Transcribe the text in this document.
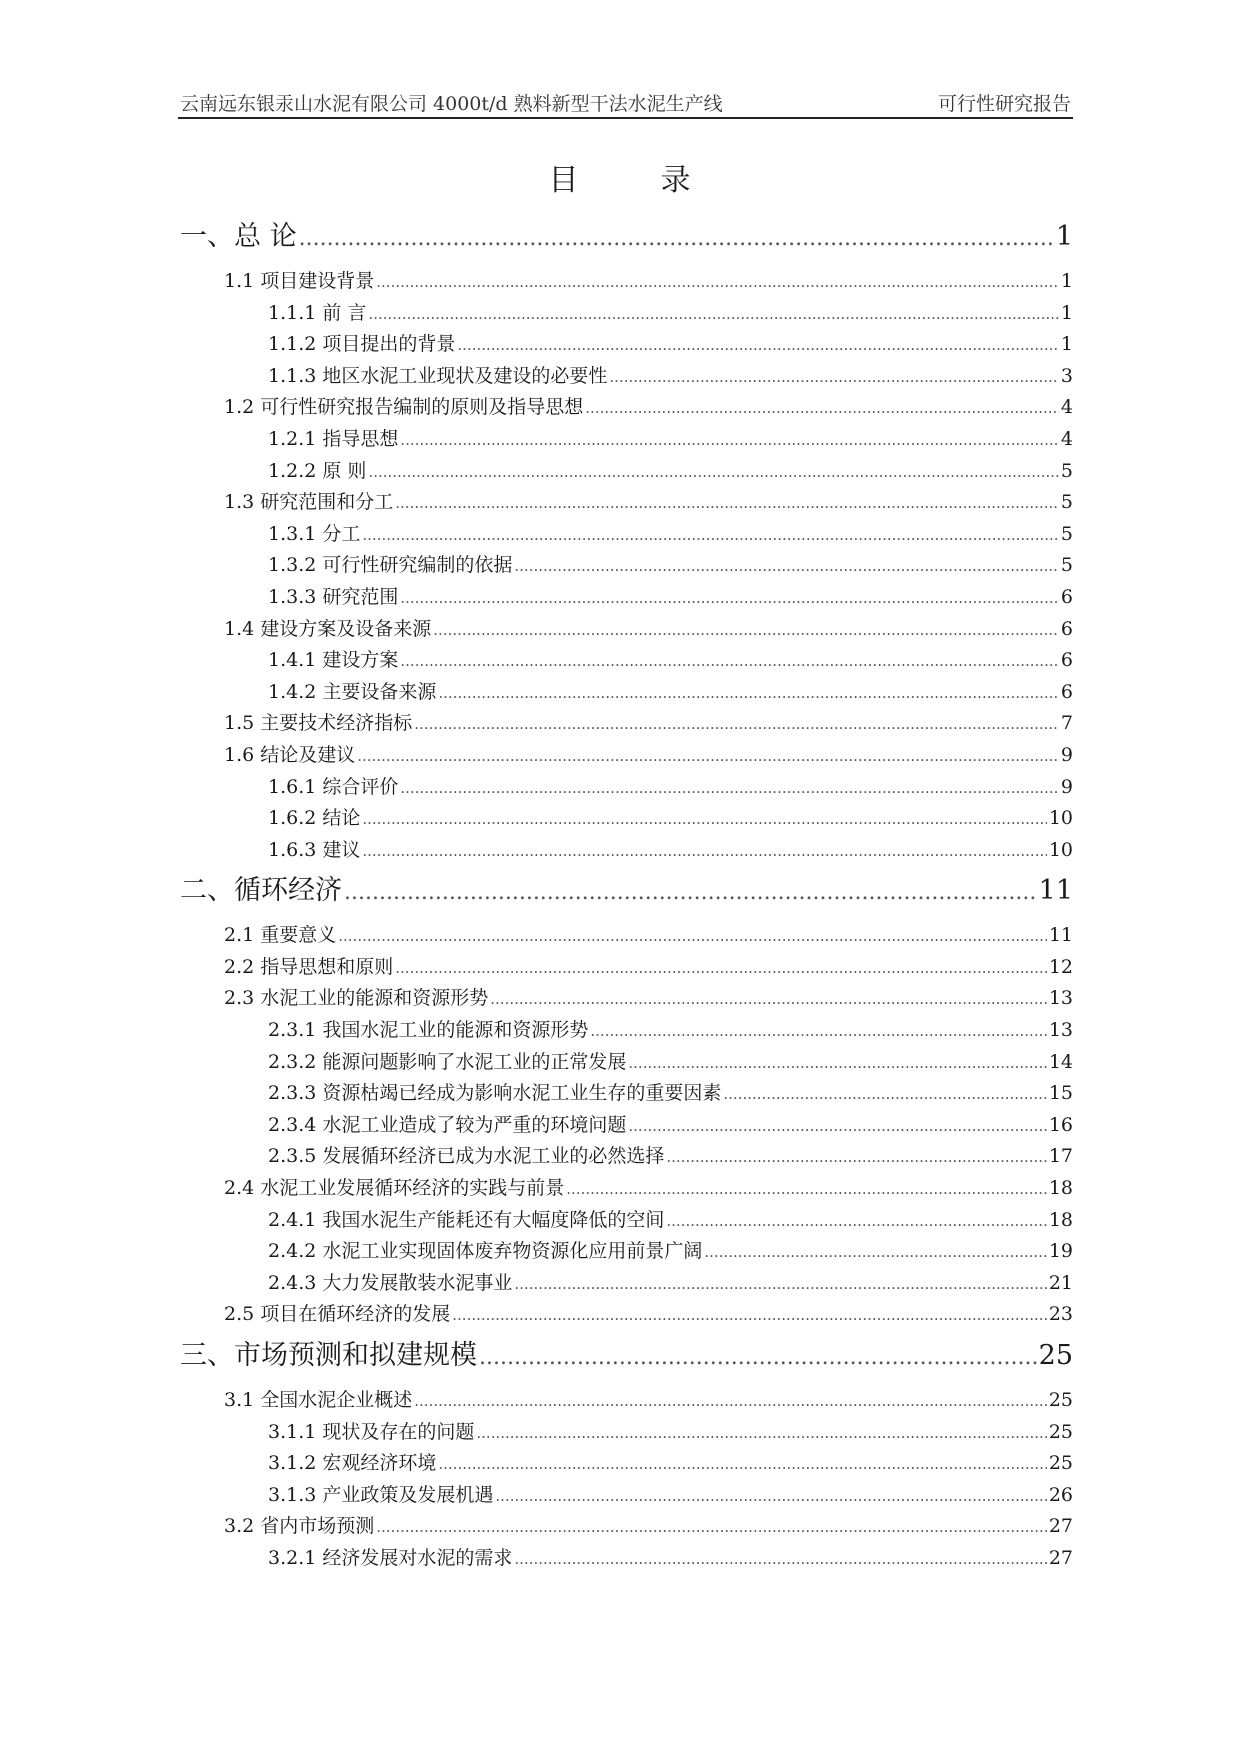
云南远东银汞山水泥有限公司 4000t/d 熟料新型干法水泥生产线	可行性研究报告
目	录
一、总 论 .....	1
1.1 项目建设背景 .....	1
1.1.1 前 言 .....	1
1.1.2 项目提出的背景 .....	1
1.1.3 地区水泥工业现状及建设的必要性 .....	3
1.2 可行性研究报告编制的原则及指导思想 .....	4
1.2.1 指导思想 .....	4
1.2.2 原 则 .....	5
1.3 研究范围和分工 .....	5
1.3.1 分工 .....	5
1.3.2 可行性研究编制的依据 .....	5
1.3.3 研究范围 .....	6
1.4 建设方案及设备来源 .....	6
1.4.1 建设方案 .....	6
1.4.2 主要设备来源 .....	6
1.5 主要技术经济指标 .....	7
1.6 结论及建议 .....	9
1.6.1 综合评价 .....	9
1.6.2 结论 .....	10
1.6.3 建议 .....	10
二、循环经济 .....	11
2.1 重要意义 .....	11
2.2 指导思想和原则 .....	12
2.3 水泥工业的能源和资源形势 .....	13
2.3.1 我国水泥工业的能源和资源形势 .....	13
2.3.2 能源问题影响了水泥工业的正常发展 .....	14
2.3.3 资源枯竭已经成为影响水泥工业生存的重要因素 .....	15
2.3.4 水泥工业造成了较为严重的环境问题 .....	16
2.3.5 发展循环经济已成为水泥工业的必然选择 .....	17
2.4 水泥工业发展循环经济的实践与前景 .....	18
2.4.1 我国水泥生产能耗还有大幅度降低的空间 .....	18
2.4.2 水泥工业实现固体废弃物资源化应用前景广阔 .....	19
2.4.3 大力发展散装水泥事业 .....	21
2.5 项目在循环经济的发展 .....	23
三、市场预测和拟建规模 .....	25
3.1 全国水泥企业概述 .....	25
3.1.1 现状及存在的问题 .....	25
3.1.2 宏观经济环境 .....	25
3.1.3 产业政策及发展机遇 .....	26
3.2 省内市场预测 .....	27
3.2.1 经济发展对水泥的需求 .....	27
